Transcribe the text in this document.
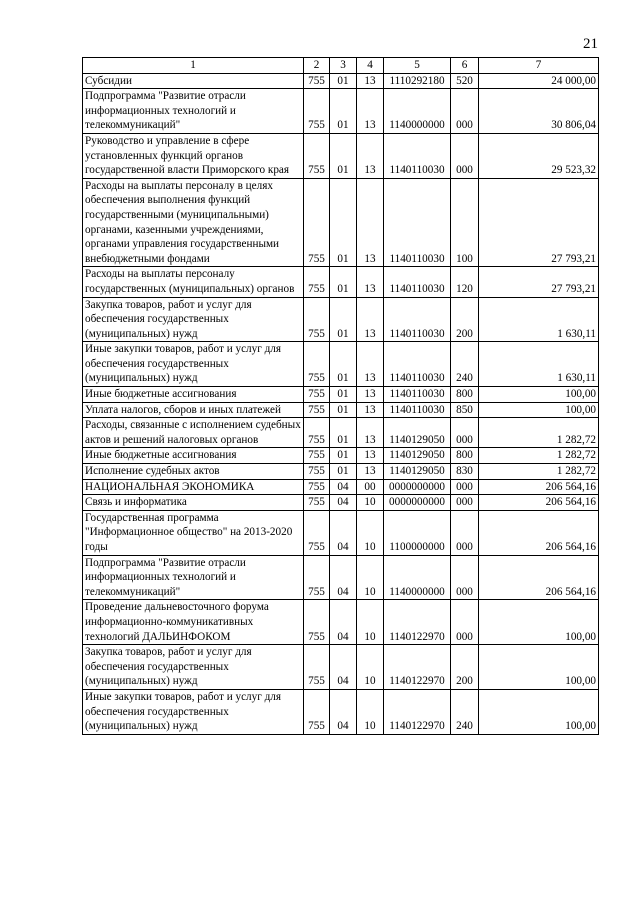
21
1	2	3	4	5	6	7
Субсидии	755	01	13	1110292180	520	24 000,00
Подпрограмма "Развитие отрасли информационных технологий и телекоммуникаций"	755	01	13	1140000000	000	30 806,04
Руководство и управление в сфере установленных функций органов государственной власти Приморского края	755	01	13	1140110030	000	29 523,32
Расходы на выплаты персоналу в целях обеспечения выполнения функций государственными (муниципальными) органами, казенными учреждениями, органами управления государственными внебюджетными фондами	755	01	13	1140110030	100	27 793,21
Расходы на выплаты персоналу государственных (муниципальных) органов	755	01	13	1140110030	120	27 793,21
Закупка товаров, работ и услуг для обеспечения государственных (муниципальных) нужд	755	01	13	1140110030	200	1 630,11
Иные закупки товаров, работ и услуг для обеспечения государственных (муниципальных) нужд	755	01	13	1140110030	240	1 630,11
Иные бюджетные ассигнования	755	01	13	1140110030	800	100,00
Уплата налогов, сборов и иных платежей	755	01	13	1140110030	850	100,00
Расходы, связанные с исполнением судебных актов и решений налоговых органов	755	01	13	1140129050	000	1 282,72
Иные бюджетные ассигнования	755	01	13	1140129050	800	1 282,72
Исполнение судебных актов	755	01	13	1140129050	830	1 282,72
НАЦИОНАЛЬНАЯ ЭКОНОМИКА	755	04	00	0000000000	000	206 564,16
Связь и информатика	755	04	10	0000000000	000	206 564,16
Государственная программа "Информационное общество" на 2013-2020 годы	755	04	10	1100000000	000	206 564,16
Подпрограмма "Развитие отрасли информационных технологий и телекоммуникаций"	755	04	10	1140000000	000	206 564,16
Проведение дальневосточного форума информационно-коммуникативных технологий ДАЛЬИНФОКОМ	755	04	10	1140122970	000	100,00
Закупка товаров, работ и услуг для обеспечения государственных (муниципальных) нужд	755	04	10	1140122970	200	100,00
Иные закупки товаров, работ и услуг для обеспечения государственных (муниципальных) нужд	755	04	10	1140122970	240	100,00
